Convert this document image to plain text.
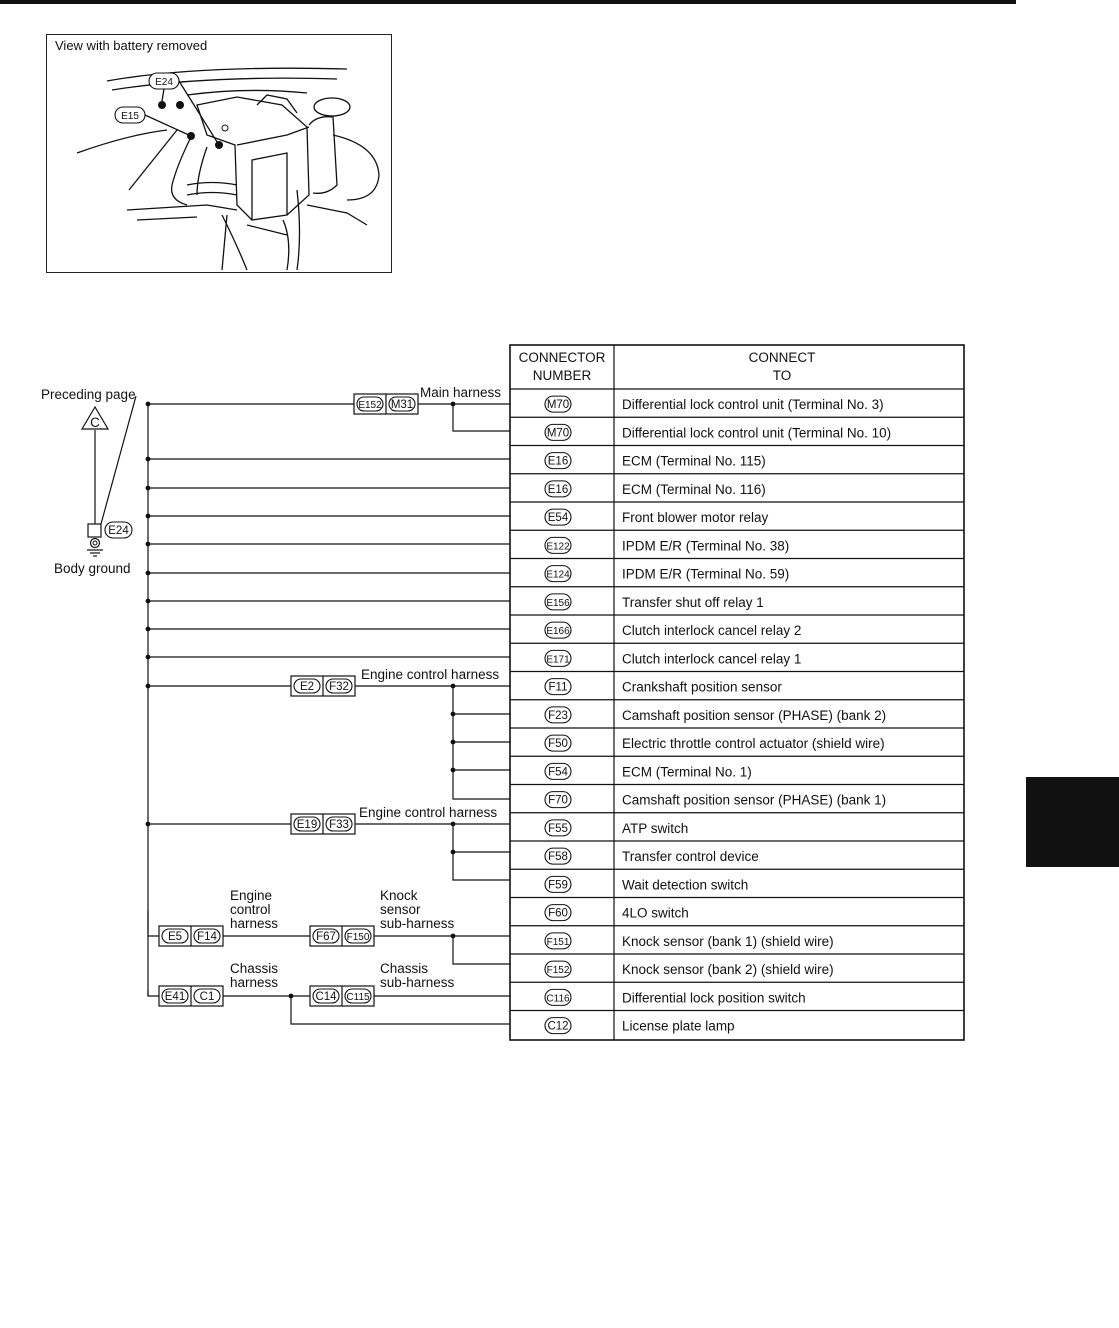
E24
E15
View with battery removed
Preceding page
C
E24
Body ground
E152 M31
E2 F32
E19 F33
E5 F14	F67 F150
E41 C1	C14 C115
Main harness
Engine control harness
Engine control harness
Engine
control
harness
Knock
sensor
sub-harness
Chassis
harness
Chassis
sub-harness
CONNECTOR
NUMBER
CONNECT
TO
M70	Differential lock control unit (Terminal No. 3)
M70	Differential lock control unit (Terminal No. 10)
E16	ECM (Terminal No. 115)
E16	ECM (Terminal No. 116)
E54	Front blower motor relay
E122	IPDM E/R (Terminal No. 38)
E124	IPDM E/R (Terminal No. 59)
E156	Transfer shut off relay 1
E166	Clutch interlock cancel relay 2
E171	Clutch interlock cancel relay 1
F11	Crankshaft position sensor
F23	Camshaft position sensor (PHASE) (bank 2)
F50	Electric throttle control actuator (shield wire)
F54	ECM (Terminal No. 1)
F70	Camshaft position sensor (PHASE) (bank 1)
F55	ATP switch
F58	Transfer control device
F59	Wait detection switch
F60	4LO switch
F151	Knock sensor (bank 1) (shield wire)
F152	Knock sensor (bank 2) (shield wire)
C116	Differential lock position switch
C12	License plate lamp
